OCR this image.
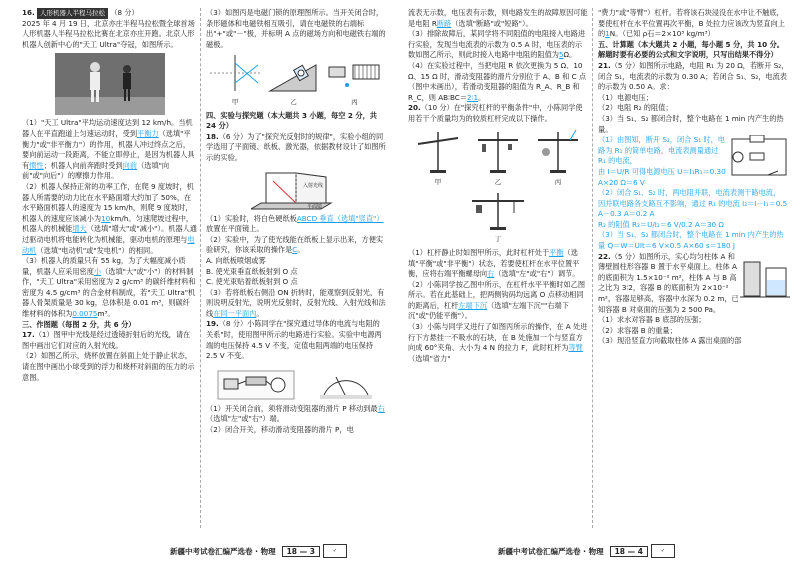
16. 人形机器人半程马拉松 （8 分）

2025 年 4 月 19 日，北京亦庄半程马拉松暨全球首场人形机器人半程马拉松比赛在北京亦庄开跑。北京人形机器人创新中心的"天工 Ultra"夺冠，如图所示。

（1）"天工 Ultra"平均运动速度达到 12 km/h。当机器人在平直跑道上匀速运动时，受到平衡力（选填"平衡力"或"非平衡力"）的作用，机器人冲过终点之后，要向前运动一段距离，不能立即停止，是因为机器人具有惯性；机器人向前奔跑时受到向前（选填"向前"或"向后"）的摩擦力作用。

（2）机器人保持正常的功率工作，在爬 9 度坡时，机器人所需要的动力比在水平路面增大约加了 50%，在水平路面机器人的速度为 15 km/h，则爬 9 度坡时，机器人的速度应该减小为10km/h。匀速爬坡过程中，机器人的机械能增大（选填"增大"或"减小"）。机器人通过驱动电机将电能转化为机械能，驱动电机的原理与电动机（选填"电动机"或"发电机"）的相同。

（3）机器人的质量只有 55 kg，为了大幅度减小质量，机器人应采用密度小（选填"大"或"小"）的材料制作，"天工 Ultra"采用密度为 2 g/cm³ 的碳纤维材料和密度为 4.5 g/cm³ 的合金材料制成，若"天工 Ultra"机器人骨架质量是 30 kg，总体积是 0.01 m³，则碳纤维材料的体积为0.0075m³。

三、作图题（每图 2 分，共 6 分）

17.（1）图甲中光线是经过透镜折射后的光线，请在图中画出它们对应的入射光线。

（2）如图乙所示，烧杯放置在斜面上处于静止状态，请在图中画出小球受到的浮力和烧杯对斜面的压力的示意图。

（3）如图丙是电磁门锁的原理图所示。当开关闭合时，条形磁体和电磁铁相互吸引，请在电磁铁的右端标出"+"或"－"极，并标明 A 点的磁场方向和电磁铁右端的磁极。

甲	乙	丙

四、实验与探究题（本大题共 3 小题，每空 2 分，共 24 分）

18.（6 分）为了"探究光反射时的规律"，实验小组的同学选用了平面镜、纸板、激光器，依据教材设计了如图所示的实验。

入射光线
平面镜

（1）实验时，将白色硬纸板ABCD 垂直（选填"竖直"）放置在平面镜上。

（2）实验中，为了使光线能在纸板上显示出来，方便实验研究，你该采取的操作是C。

A. 向纸板喷烟或雾

B. 使光束垂直纸板射到 O 点

C. 使光束贴着纸板射到 O 点

（3）若将纸板右侧沿 ON 折转时，能观察到反射光，有则说明反射光，说明光反射时，反射光线、入射光线和法线在同一平面内。

19.（8 分）小陈同学在"探究通过导体的电流与电阻的关系"时，使用图甲所示的电路进行实验。实验中电源两端的电压保持 4.5 V 不变，定值电阻两端的电压保持 2.5 V 不变。

（1）开关闭合前，须将滑动变阻器的滑片 P 移动到最右（选填"左"或"右"）端。

（2）闭合开关，移动滑动变阻器的滑片 P，电

新疆中考试卷汇编严选卷 · 物理	18 — 3	✓

流表无示数，电压表有示数，则电路发生的故障原因可能是电阻 R断路（选填"断路"或"短路"）。

（3）排除故障后，某同学将不同阻值的电阻接入电路进行实验，发现当电流表的示数为 0.5 A 时，电压表的示数如图乙所示，则此时接入电路中电阻的阻值为5Ω。

（4）在实验过程中，当把电阻 R 依次更换为 5 Ω、10 Ω、15 Ω 时，滑动变阻器的滑片分别位于 A、B 和 C 点（图中未画出），若滑动变阻器的阻值为 R_A、R_B 和 R_C，则 AB∶BC＝2∶1。

20.（10 分）在"探究杠杆的平衡条件"中，小陈同学使用若干个质量均为的较质杠杆完成以下操作。

甲	乙	丙
丁

（1）杠杆静止时如图甲所示，此时杠杆处于平衡（选填"平衡"或"非平衡"）状态，若要使杠杆在水平位置平衡，应将右端平衡螺母向右（选填"左"或"右"）调节。

（2）小陈同学按乙图中所示，在杠杆水平平衡时如乙图所示。若在此基础上，把两侧钩码均远离 O 点移动相同的距离后，杠杆左端下沉（选填"左端下沉""右端下沉"或"仍能平衡"）。

（3）小陈与同学又进行了如图丙所示的操作，在 A 处进行下方悬挂一不吸水的石块，在 B 处施加一个与竖直方向成 60°夹角、大小为 4 N 的拉力 F，此时杠杆为等臂（选填"省力"

"费力"或"等臂"）杠杆。若将该石块浸没在水中让不触底，要使杠杆在水平位置再次平衡，B 处拉力应该改为竖直向上的1N。（已知 ρ石＝2×10³ kg/m³）

五、计算题（本大题共 2 小题，每小题 5 分，共 10 分。解题时要有必要的公式和文字说明，只写出结果不得分）

21.（5 分）如图所示电路，电阻 R₁ 为 20 Ω，若断开 S₂，闭合 S₁，电流表的示数为 0.30 A；若闭合 S₁、S₂，电流表的示数为 0.50 A。求：

（1）电源电压；

（2）电阻 R₂ 的阻值；

（3）当 S₁、S₂ 都闭合时，整个电路在 1 min 内产生的热量。

（1）由图知，断开 S₂，闭合 S₁ 时，电路为 R₁ 的简单电路，电流表测量通过 R₁ 的电流，

由 I＝U/R 可得电源电压 U＝I₁R₁＝0.30 A×20 Ω＝6 V

（2）闭合 S₁、S₂ 时，两电阻并联，电流表测干路电流，

因并联电路各支路互不影响，通过 R₁ 的电流 I₂＝I－I₁＝0.5 A－0.3 A＝0.2 A

R₂ 的阻值 R₂＝U/I₂＝6 V/0.2 A＝30 Ω

（3）当 S₁、S₂ 都闭合时，整个电路在 1 min 内产生的热量 Q＝W＝UIt＝6 V×0.5 A×60 s＝180 J

22.（5 分）如图所示，实心均匀柱体 A 和薄壁圆柱形容器 B 置于水平桌面上。柱体 A 的底面积为 1.5×10⁻² m²，柱体 A 与 B 高之比为 3∶2，容器 B 的底面积为 2×10⁻² m²，容器足够高，容器中水深为 0.2 m，已知容器 B 对桌面的压强为 2 500 Pa。

（1）求水对容器 B 底部的压强；

（2）求容器 B 的重量；

（3）现沿竖直方向截取柱体 A 露出桌面的部

新疆中考试卷汇编严选卷 · 物理	18 — 4	✓
